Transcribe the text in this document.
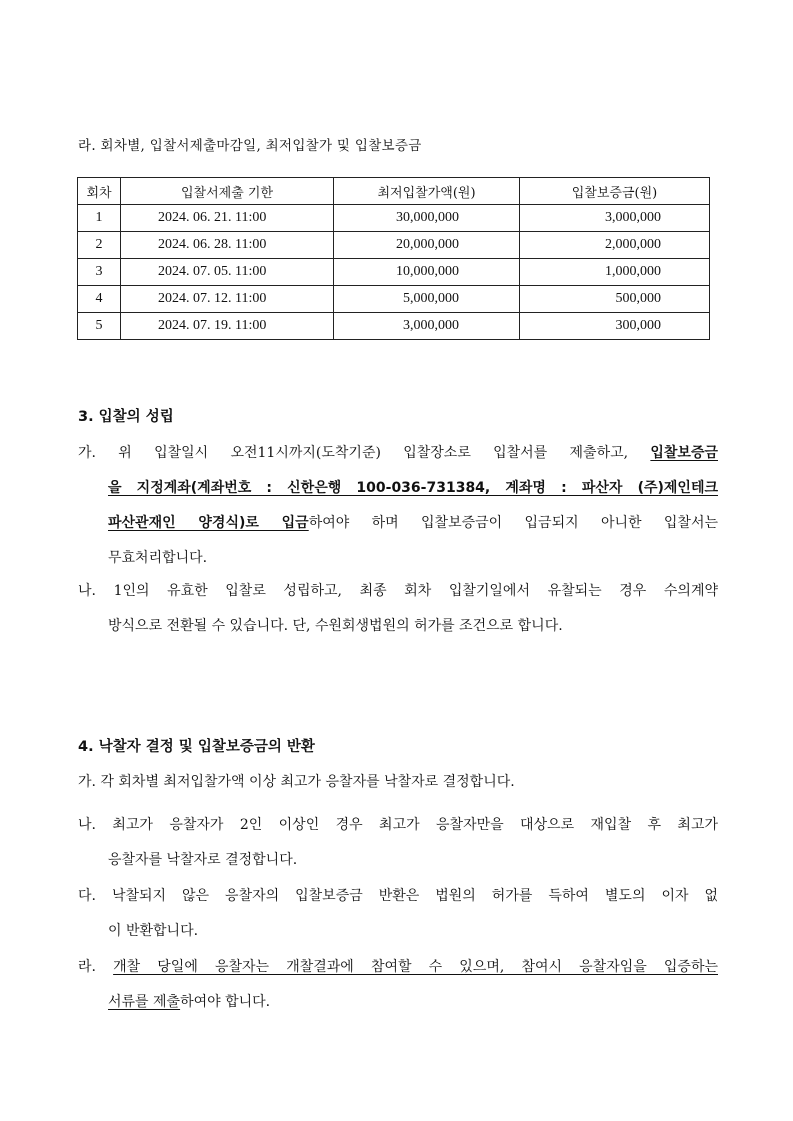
라. 회차별, 입찰서제출마감일, 최저입찰가 및 입찰보증금
회차	입찰서제출 기한	최저입찰가액(원)	입찰보증금(원)
1	2024. 06. 21. 11:00	30,000,000	3,000,000
2	2024. 06. 28. 11:00	20,000,000	2,000,000
3	2024. 07. 05. 11:00	10,000,000	1,000,000
4	2024. 07. 12. 11:00	5,000,000	500,000
5	2024. 07. 19. 11:00	3,000,000	300,000
3. 입찰의 성립
가. 위 입찰일시 오전11시까지(도착기준) 입찰장소로 입찰서를 제출하고, 입찰보증금
을 지정계좌(계좌번호 : 신한은행 100-036-731384, 계좌명 : 파산자 (주)제인테크
파산관재인 양경식)로 입금하여야 하며 입찰보증금이 입금되지 아니한 입찰서는
무효처리합니다.
나. 1인의 유효한 입찰로 성립하고, 최종 회차 입찰기일에서 유찰되는 경우 수의계약
방식으로 전환될 수 있습니다. 단, 수원회생법원의 허가를 조건으로 합니다.
4. 낙찰자 결정 및 입찰보증금의 반환
가. 각 회차별 최저입찰가액 이상 최고가 응찰자를 낙찰자로 결정합니다.
나. 최고가 응찰자가 2인 이상인 경우 최고가 응찰자만을 대상으로 재입찰 후 최고가
응찰자를 낙찰자로 결정합니다.
다. 낙찰되지 않은 응찰자의 입찰보증금 반환은 법원의 허가를 득하여 별도의 이자 없
이 반환합니다.
라. 개찰 당일에 응찰자는 개찰결과에 참여할 수 있으며, 참여시 응찰자임을 입증하는
서류를 제출하여야 합니다.
